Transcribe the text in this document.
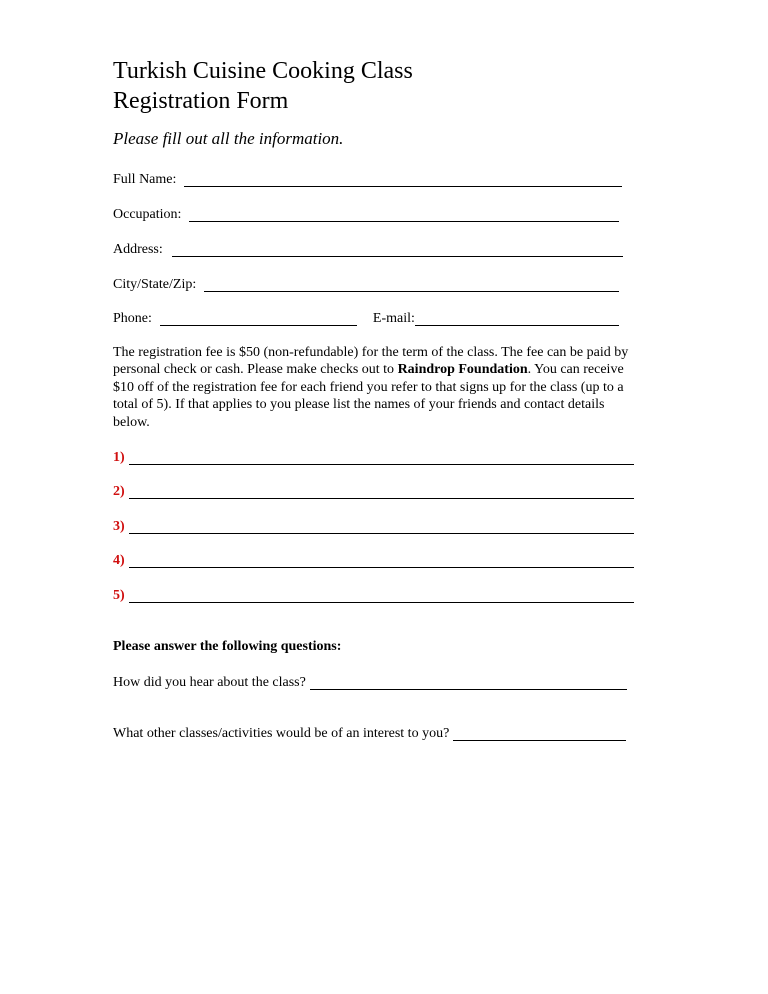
Turkish Cuisine Cooking Class
Registration Form
Please fill out all the information.
Full Name:
Occupation:
Address:
City/State/Zip:
Phone:	E-mail:
The registration fee is $50 (non-refundable) for the term of the class. The fee can be paid by personal check or cash. Please make checks out to Raindrop Foundation. You can receive $10 off of the registration fee for each friend you refer to that signs up for the class (up to a total of 5). If that applies to you please list the names of your friends and contact details below.
1)
2)
3)
4)
5)
Please answer the following questions:
How did you hear about the class?
What other classes/activities would be of an interest to you?
